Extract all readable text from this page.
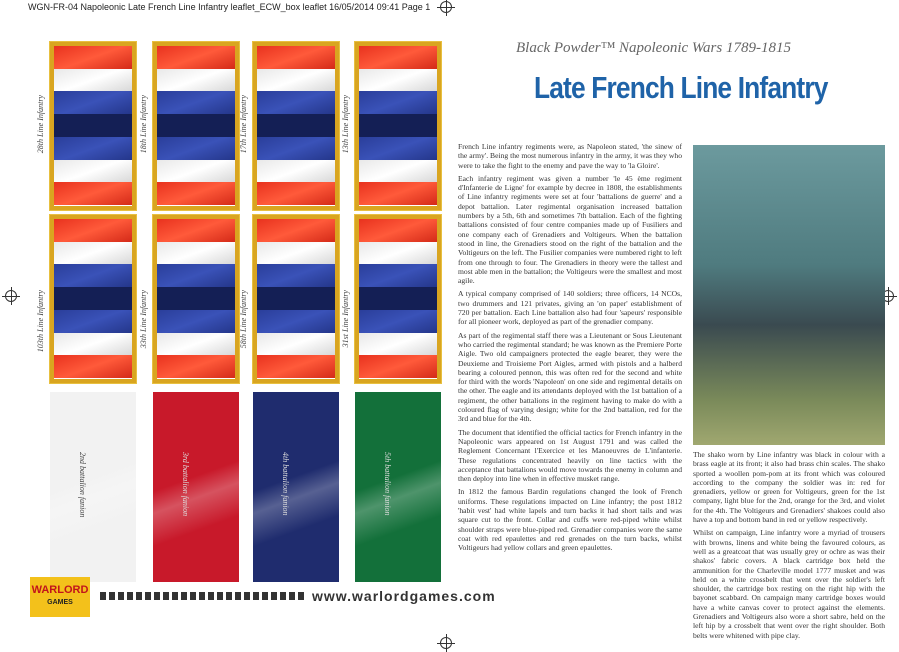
WGN-FR-04 Napoleonic Late French Line Infantry leaflet_ECW_box leaflet 16/05/2014 09:41 Page 1
28th Line Infantry	18th Line Infantry	17th Line Infantry	13th Line Infantry
103th Line Infantry	33th Line Infantry	58th Line Infantry	31st Line Infantry
2nd battalion fanion	3rd battalion fanion	4th battalion fanion	5th battalion fanion
Black Powder™ Napoleonic Wars 1789-1815
Late French Line Infantry

French Line infantry regiments were, as Napoleon stated, 'the sinew of the army'. Being the most numerous infantry in the army, it was they who were to take the fight to the enemy and pave the way to 'la Gloire'.

Each infantry regiment was given a number 'le 45 ème regiment d'Infanterie de Ligne' for example by decree in 1808, the establishments of Line infantry regiments were set at four 'battalions de guerre' and a depot battalion. Later regimental organisation increased battalion numbers by a 5th, 6th and sometimes 7th battalion. Each of the fighting battalions consisted of four centre companies made up of Fusiliers and one company each of Grenadiers and Voltigeurs. When the battalion stood in line, the Grenadiers stood on the right of the battalion and the Voltigeurs on the left. The Fusilier companies were numbered right to left from one through to four. The Grenadiers in theory were the tallest and most able men in the battalion; the Voltigeurs were the smallest and most agile.

A typical company comprised of 140 soldiers; three officers, 14 NCOs, two drummers and 121 privates, giving an 'on paper' establishment of 720 per battalion. Each Line battalion also had four 'sapeurs' responsible for all pioneer work, deployed as part of the grenadier company.

As part of the regimental staff there was a Lieutenant or Sous Lieutenant who carried the regimental standard; he was known as the Premiere Porte Aigle. Two old campaigners protected the eagle bearer, they were the Deuxieme and Troisieme Port Aigles, armed with pistols and a halberd bearing a coloured pennon, this was often red for the second and white for third with the words 'Napoleon' on one side and regimental details on the other. The eagle and its attendants deployed with the 1st battalion of a regiment, the other battalions in the regiment having to make do with a coloured flag of varying design; white for the 2nd battalion, red for the 3rd and blue for the 4th.

The document that identified the official tactics for French infantry in the Napoleonic wars appeared on 1st August 1791 and was called the Reglement Concernant l'Exercice et les Manoeuvres de L'infanterie. These regulations concentrated heavily on line tactics with the acceptance that battalions would move towards the enemy in column and then deploy into line when in effective musket range.

In 1812 the famous Bardin regulations changed the look of French uniforms. These regulations impacted on Line infantry; the post 1812 'habit vest' had white lapels and turn backs it had short tails and was square cut to the front. Collar and cuffs were red-piped white whilst shoulder straps were blue-piped red. Grenadier companies wore the same coat with red epaulettes and red grenades on the turn backs, whilst Voltigeurs had yellow collars and green epaulettes.

The shako worn by Line infantry was black in colour with a brass eagle at its front; it also had brass chin scales. The shako sported a woollen pom-pom at its front which was coloured according to the company the soldier was in: red for grenadiers, yellow or green for Voltigeurs, green for the 1st company, light blue for the 2nd, orange for the 3rd, and violet for the 4th. The Voltigeurs and Grenadiers' shakoes could also have a top and bottom band in red or yellow respectively.

Whilst on campaign, Line infantry wore a myriad of trousers with browns, linens and white being the favoured colours, as well as a greatcoat that was usually grey or ochre as was their shakos' fabric covers. A black cartridge box held the ammunition for the Charleville model 1777 musket and was held on a white crossbelt that went over the soldier's left shoulder, the cartridge box resting on the right hip with the bayonet scabbard. On campaign many cartridge boxes would have a white canvas cover to protect against the elements. Grenadiers and Voltigeurs also wore a short sabre, held on the left hip by a crossbelt that went over the right shoulder. Both belts were whitened with pipe clay.

WARLORD
GAMES	www.warlordgames.com
